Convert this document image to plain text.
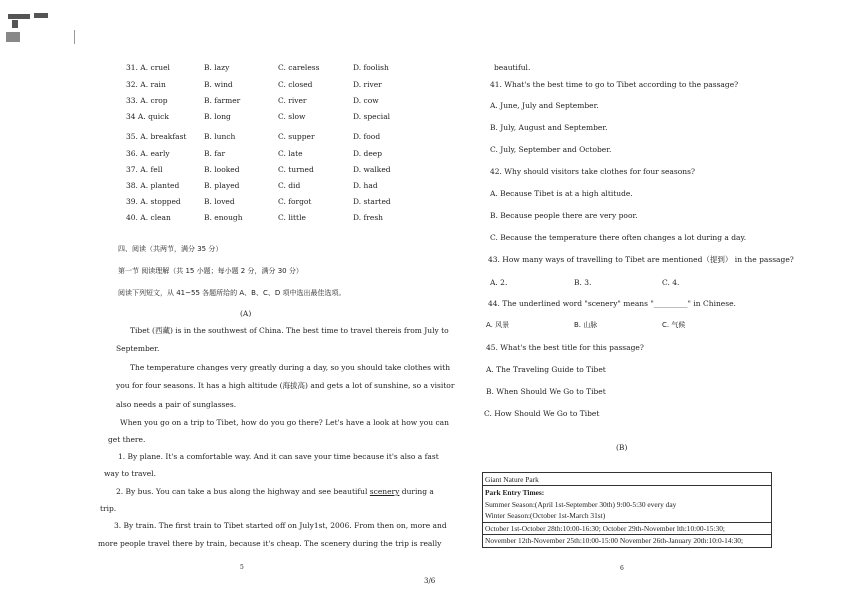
31. A. cruel	B. lazy	C. careless	D. foolish
32. A. rain	B. wind	C. closed	D. river
33. A. crop	B. farmer	C. river	D. cow
34 A. quick	B. long	C. slow	D. special
35. A. breakfast B. lunch	C. supper	D. food
36. A. early	B. far	C. late	D. deep
37. A. fell	B. looked	C. turned	D. walked
38. A. planted	B. played	C. did	D. had
39. A. stopped	B. loved	C. forgot	D. started
40. A. clean	B. enough	C. little	D. fresh
四、阅读（共两节，满分 35 分）
第一节 阅读理解（共 15 小题；每小题 2 分，满分 30 分）
阅读下列短文，从 41~55 各题所给的 A、B、C、D 项中选出最佳选项。
(A)
Tibet (西藏) is in the southwest of China. The best time to travel thereis from July to
September.
The temperature changes very greatly during a day, so you should take clothes with
you for four seasons. It has a high altitude (海拔高) and gets a lot of sunshine, so a visitor
also needs a pair of sunglasses.
When you go on a trip to Tibet, how do you go there? Let's have a look at how you can
get there.
1. By plane. It's a comfortable way. And it can save your time because it's also a fast
way to travel.
2. By bus. You can take a bus along the highway and see beautiful scenery during a
trip.
3. By train. The first train to Tibet started off on July1st, 2006. From then on, more and
more people travel there by train, because it's cheap. The scenery during the trip is really
5
3/6
beautiful.
41. What's the best time to go to Tibet according to the passage?
A. June, July and September.
B. July, August and September.
C. July, September and October.
42. Why should visitors take clothes for four seasons?
A. Because Tibet is at a high altitude.
B. Because people there are very poor.
C. Because the temperature there often changes a lot during a day.
43. How many ways of travelling to Tibet are mentioned（提到） in the passage?
A. 2.	B. 3.	C. 4.
44. The underlined word "scenery" means "_________" in Chinese.
A. 风景	B. 山脉	C. 气候
45. What's the best title for this passage?
A. The Traveling Guide to Tibet
B. When Should We Go to Tibet
C. How Should We Go to Tibet
(B)
6
Giant Nature Park
Park Entry Times:
Summer Season:(April 1st-September 30th) 9:00-5:30 every day
Winter Season:(October 1st-March 31st)
October 1st-October 28th:10:00-16:30; October 29th-November lth:10:00-15:30;
November 12th-November 25th:10:00-15:00 November 26th-January 20th:10:0-14:30;
